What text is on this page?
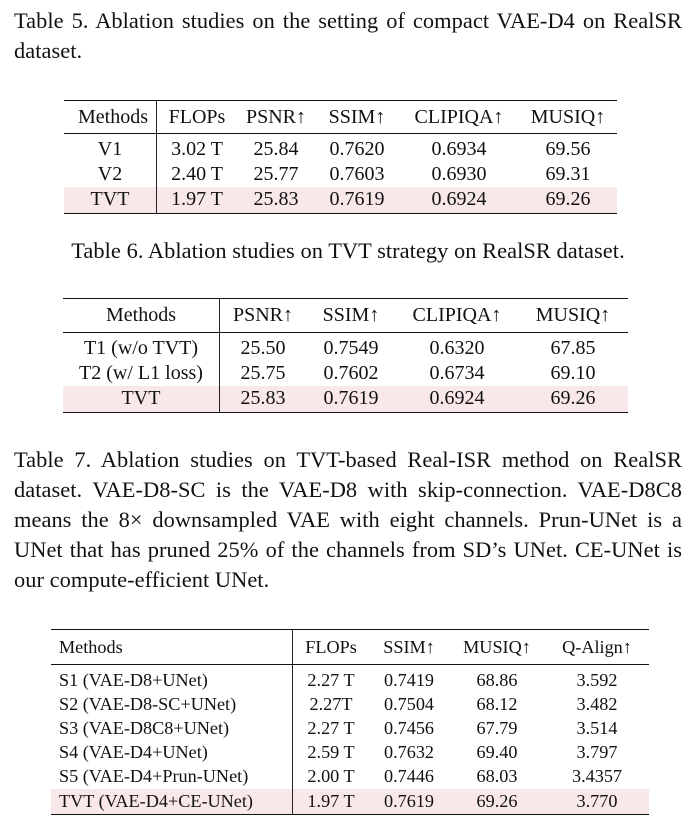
Table 5. Ablation studies on the setting of compact VAE-D4 on RealSR dataset.
Methods	FLOPs	PSNR↑	SSIM↑	CLIPIQA↑	MUSIQ↑
V1	3.02 T	25.84	0.7620	0.6934	69.56
V2	2.40 T	25.77	0.7603	0.6930	69.31
TVT	1.97 T	25.83	0.7619	0.6924	69.26
Table 6. Ablation studies on TVT strategy on RealSR dataset.
Methods	PSNR↑	SSIM↑	CLIPIQA↑	MUSIQ↑
T1 (w/o TVT)	25.50	0.7549	0.6320	67.85
T2 (w/ L1 loss)	25.75	0.7602	0.6734	69.10
TVT	25.83	0.7619	0.6924	69.26
Table 7. Ablation studies on TVT-based Real-ISR method on RealSR dataset. VAE-D8-SC is the VAE-D8 with skip-connection. VAE-D8C8 means the 8× downsampled VAE with eight channels. Prun-UNet is a UNet that has pruned 25% of the channels from SD’s UNet. CE-UNet is our compute-efficient UNet.
Methods	FLOPs	SSIM↑	MUSIQ↑	Q-Align↑
S1 (VAE-D8+UNet)	2.27 T	0.7419	68.86	3.592
S2 (VAE-D8-SC+UNet)	2.27T	0.7504	68.12	3.482
S3 (VAE-D8C8+UNet)	2.27 T	0.7456	67.79	3.514
S4 (VAE-D4+UNet)	2.59 T	0.7632	69.40	3.797
S5 (VAE-D4+Prun-UNet)	2.00 T	0.7446	68.03	3.4357
TVT (VAE-D4+CE-UNet)	1.97 T	0.7619	69.26	3.770
